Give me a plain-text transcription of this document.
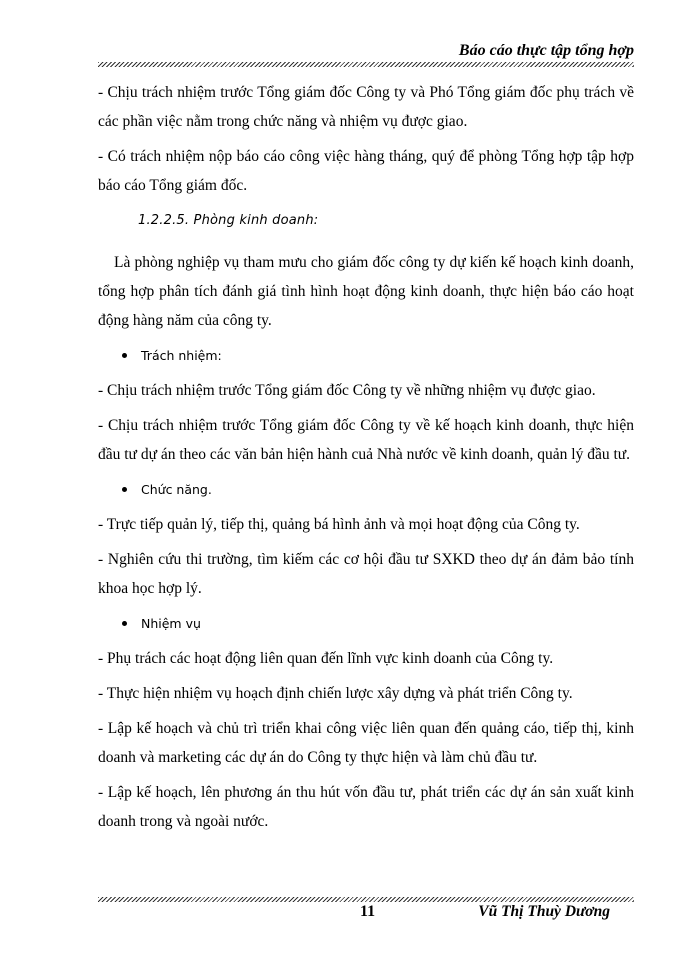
Báo cáo thực tập tổng hợp

- Chịu trách nhiệm trước Tổng giám đốc Công ty và Phó Tổng giám đốc phụ trách về các phần việc nằm trong chức năng và nhiệm vụ được giao.

- Có trách nhiệm nộp báo cáo công việc hàng tháng, quý để phòng Tổng hợp tập hợp báo cáo Tổng giám đốc.

1.2.2.5. Phòng kinh doanh:

Là phòng nghiệp vụ tham mưu cho giám đốc công ty dự kiến kế hoạch kinh doanh, tổng hợp phân tích đánh giá tình hình hoạt động kinh doanh, thực hiện báo cáo hoạt động hàng năm của công ty.

Trách nhiệm:

- Chịu trách nhiệm trước Tổng giám đốc Công ty về những nhiệm vụ được giao.

- Chịu trách nhiệm trước Tổng giám đốc Công ty về kế hoạch kinh doanh, thực hiện đầu tư dự án theo các văn bản hiện hành cuả Nhà nước về kinh doanh, quản lý đầu tư.

Chức năng.

- Trực tiếp quản lý, tiếp thị, quảng bá hình ảnh và mọi hoạt động của Công ty.

- Nghiên cứu thi trường, tìm kiếm các cơ hội đầu tư SXKD theo dự án đảm bảo tính khoa học hợp lý.

Nhiệm vụ

- Phụ trách các hoạt động liên quan đến lĩnh vực kinh doanh của Công ty.

- Thực hiện nhiệm vụ hoạch định chiến lược xây dựng và phát triển Công ty.

- Lập kế hoạch và chủ trì triển khai công việc liên quan đến quảng cáo, tiếp thị, kinh doanh và marketing các dự án do Công ty thực hiện và làm chủ đầu tư.

- Lập kế hoạch, lên phương án thu hút vốn đầu tư, phát triển các dự án sản xuất kinh doanh trong và ngoài nước.

11	Vũ Thị Thuỳ Dương
